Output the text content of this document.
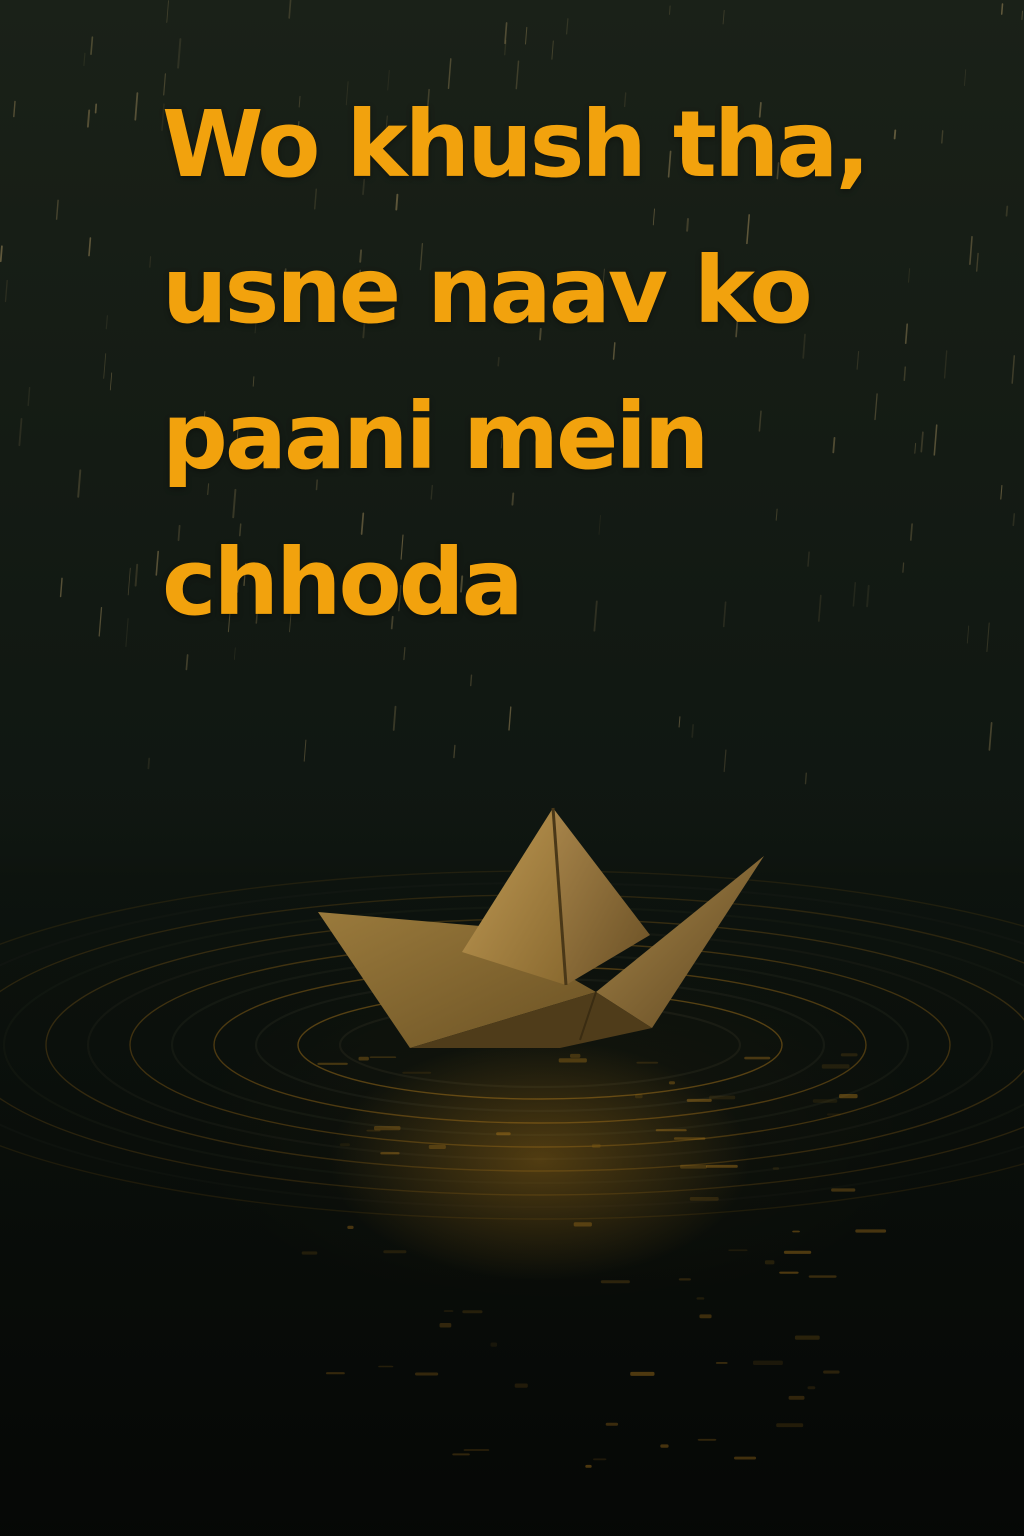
Wo khush tha,
usne naav ko
paani mein
chhoda
